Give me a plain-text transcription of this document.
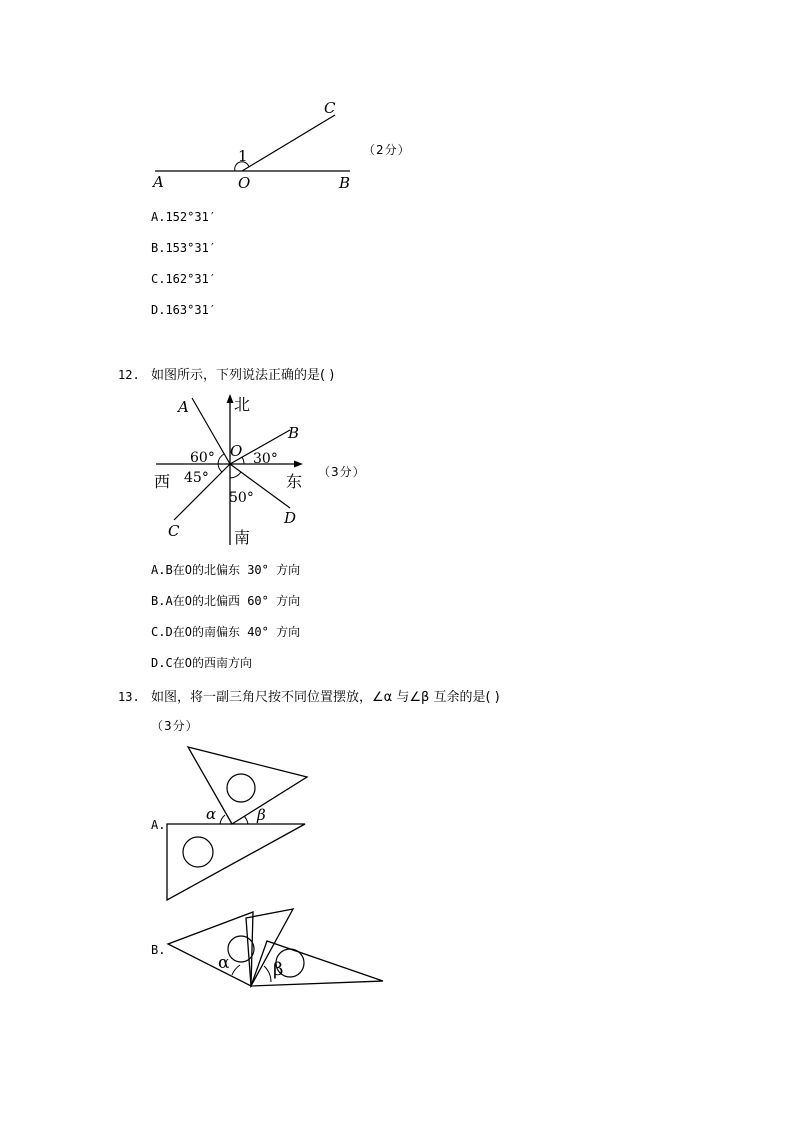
1
C
A	O	B
（2分）
A.152°31′
B.153°31′
C.162°31′
D.163°31′
12. 如图所示，下列说法正确的是( )
北
南
东
西
A
B
C
D
O
60°	30°
45°
50°
（3分）
A.B在O的北偏东 30° 方向
B.A在O的北偏西 60° 方向
C.D在O的南偏东 40° 方向
D.C在O的西南方向
13. 如图，将一副三角尺按不同位置摆放，∠α 与∠β 互余的是( )
（3分）
A.
α	β
B.
α β
